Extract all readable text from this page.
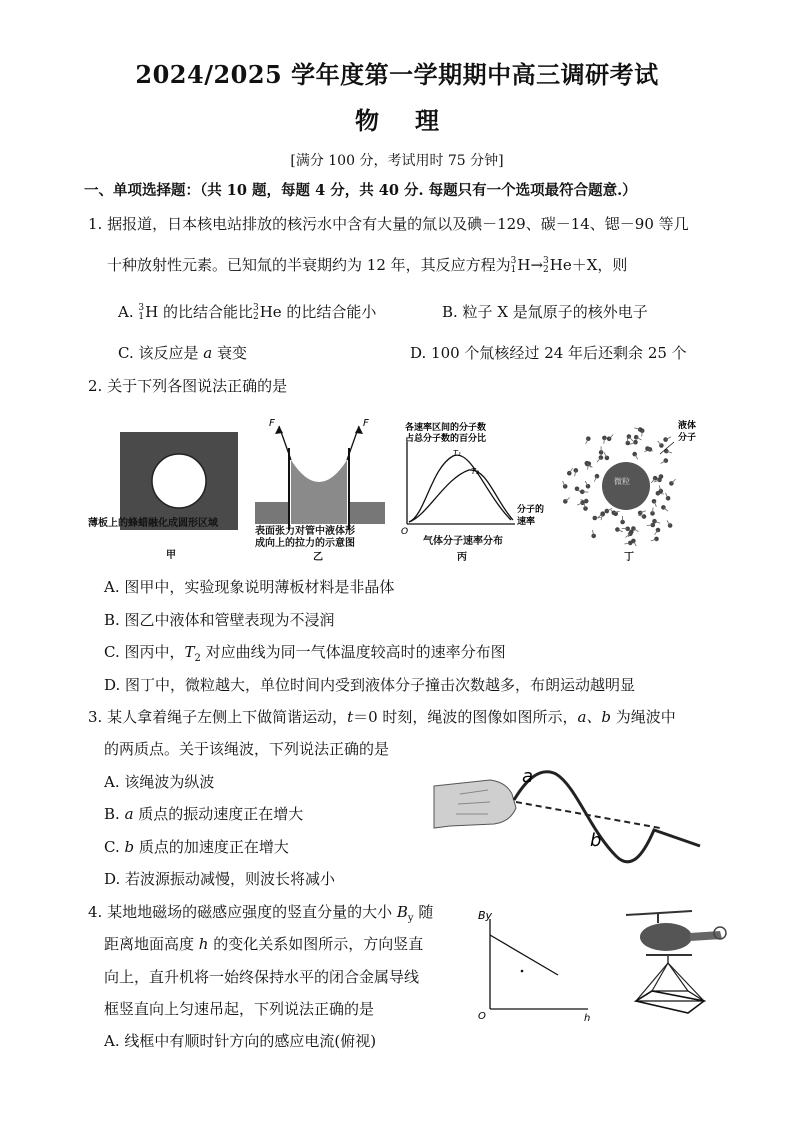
2024/2025 学年度第一学期期中高三调研考试
物理
[满分 100 分，考试用时 75 分钟]
一、单项选择题：（共 10 题，每题 4 分，共 40 分. 每题只有一个选项最符合题意.）
1. 据报道，日本核电站排放的核污水中含有大量的氚以及碘－129、碳－14、锶－90 等几
十种放射性元素。已知氚的半衰期约为 12 年，其反应方程为 3
1 H→ 3
2 He＋X，则
A. 3
1 H 的比结合能比 3
2 He 的比结合能小	B. 粒子 X 是氚原子的核外电子
C. 该反应是 a 衰变	D. 100 个氚核经过 24 年后还剩余 25 个
2. 关于下列各图说法正确的是
薄板上的蜂蜡融化成圆形区域
甲
F	F
表面张力对管中液体形
成向上的拉力的示意图
乙
O
各速率区间的分子数
占总分子数的百分比
T₁
T₂
分子的
速率
气体分子速率分布
丙
微粒
液体
分子
丁
A. 图甲中，实验现象说明薄板材料是非晶体
B. 图乙中液体和管壁表现为不浸润
C. 图丙中，$T_2$ 对应曲线为同一气体温度较高时的速率分布图
D. 图丁中，微粒越大，单位时间内受到液体分子撞击次数越多，布朗运动越明显
3. 某人拿着绳子左侧上下做简谐运动，t＝0 时刻，绳波的图像如图所示，a、b 为绳波中
的两质点。关于该绳波，下列说法正确的是
A. 该绳波为纵波
B. a 质点的振动速度正在增大
C. b 质点的加速度正在增大
D. 若波源振动减慢，则波长将减小
a
b
4. 某地地磁场的磁感应强度的竖直分量的大小 $B_y$ 随
距离地面高度 h 的变化关系如图所示，方向竖直
向上，直升机将一始终保持水平的闭合金属导线
框竖直向上匀速吊起，下列说法正确的是
A. 线框中有顺时针方向的感应电流(俯视)
By
h
O
